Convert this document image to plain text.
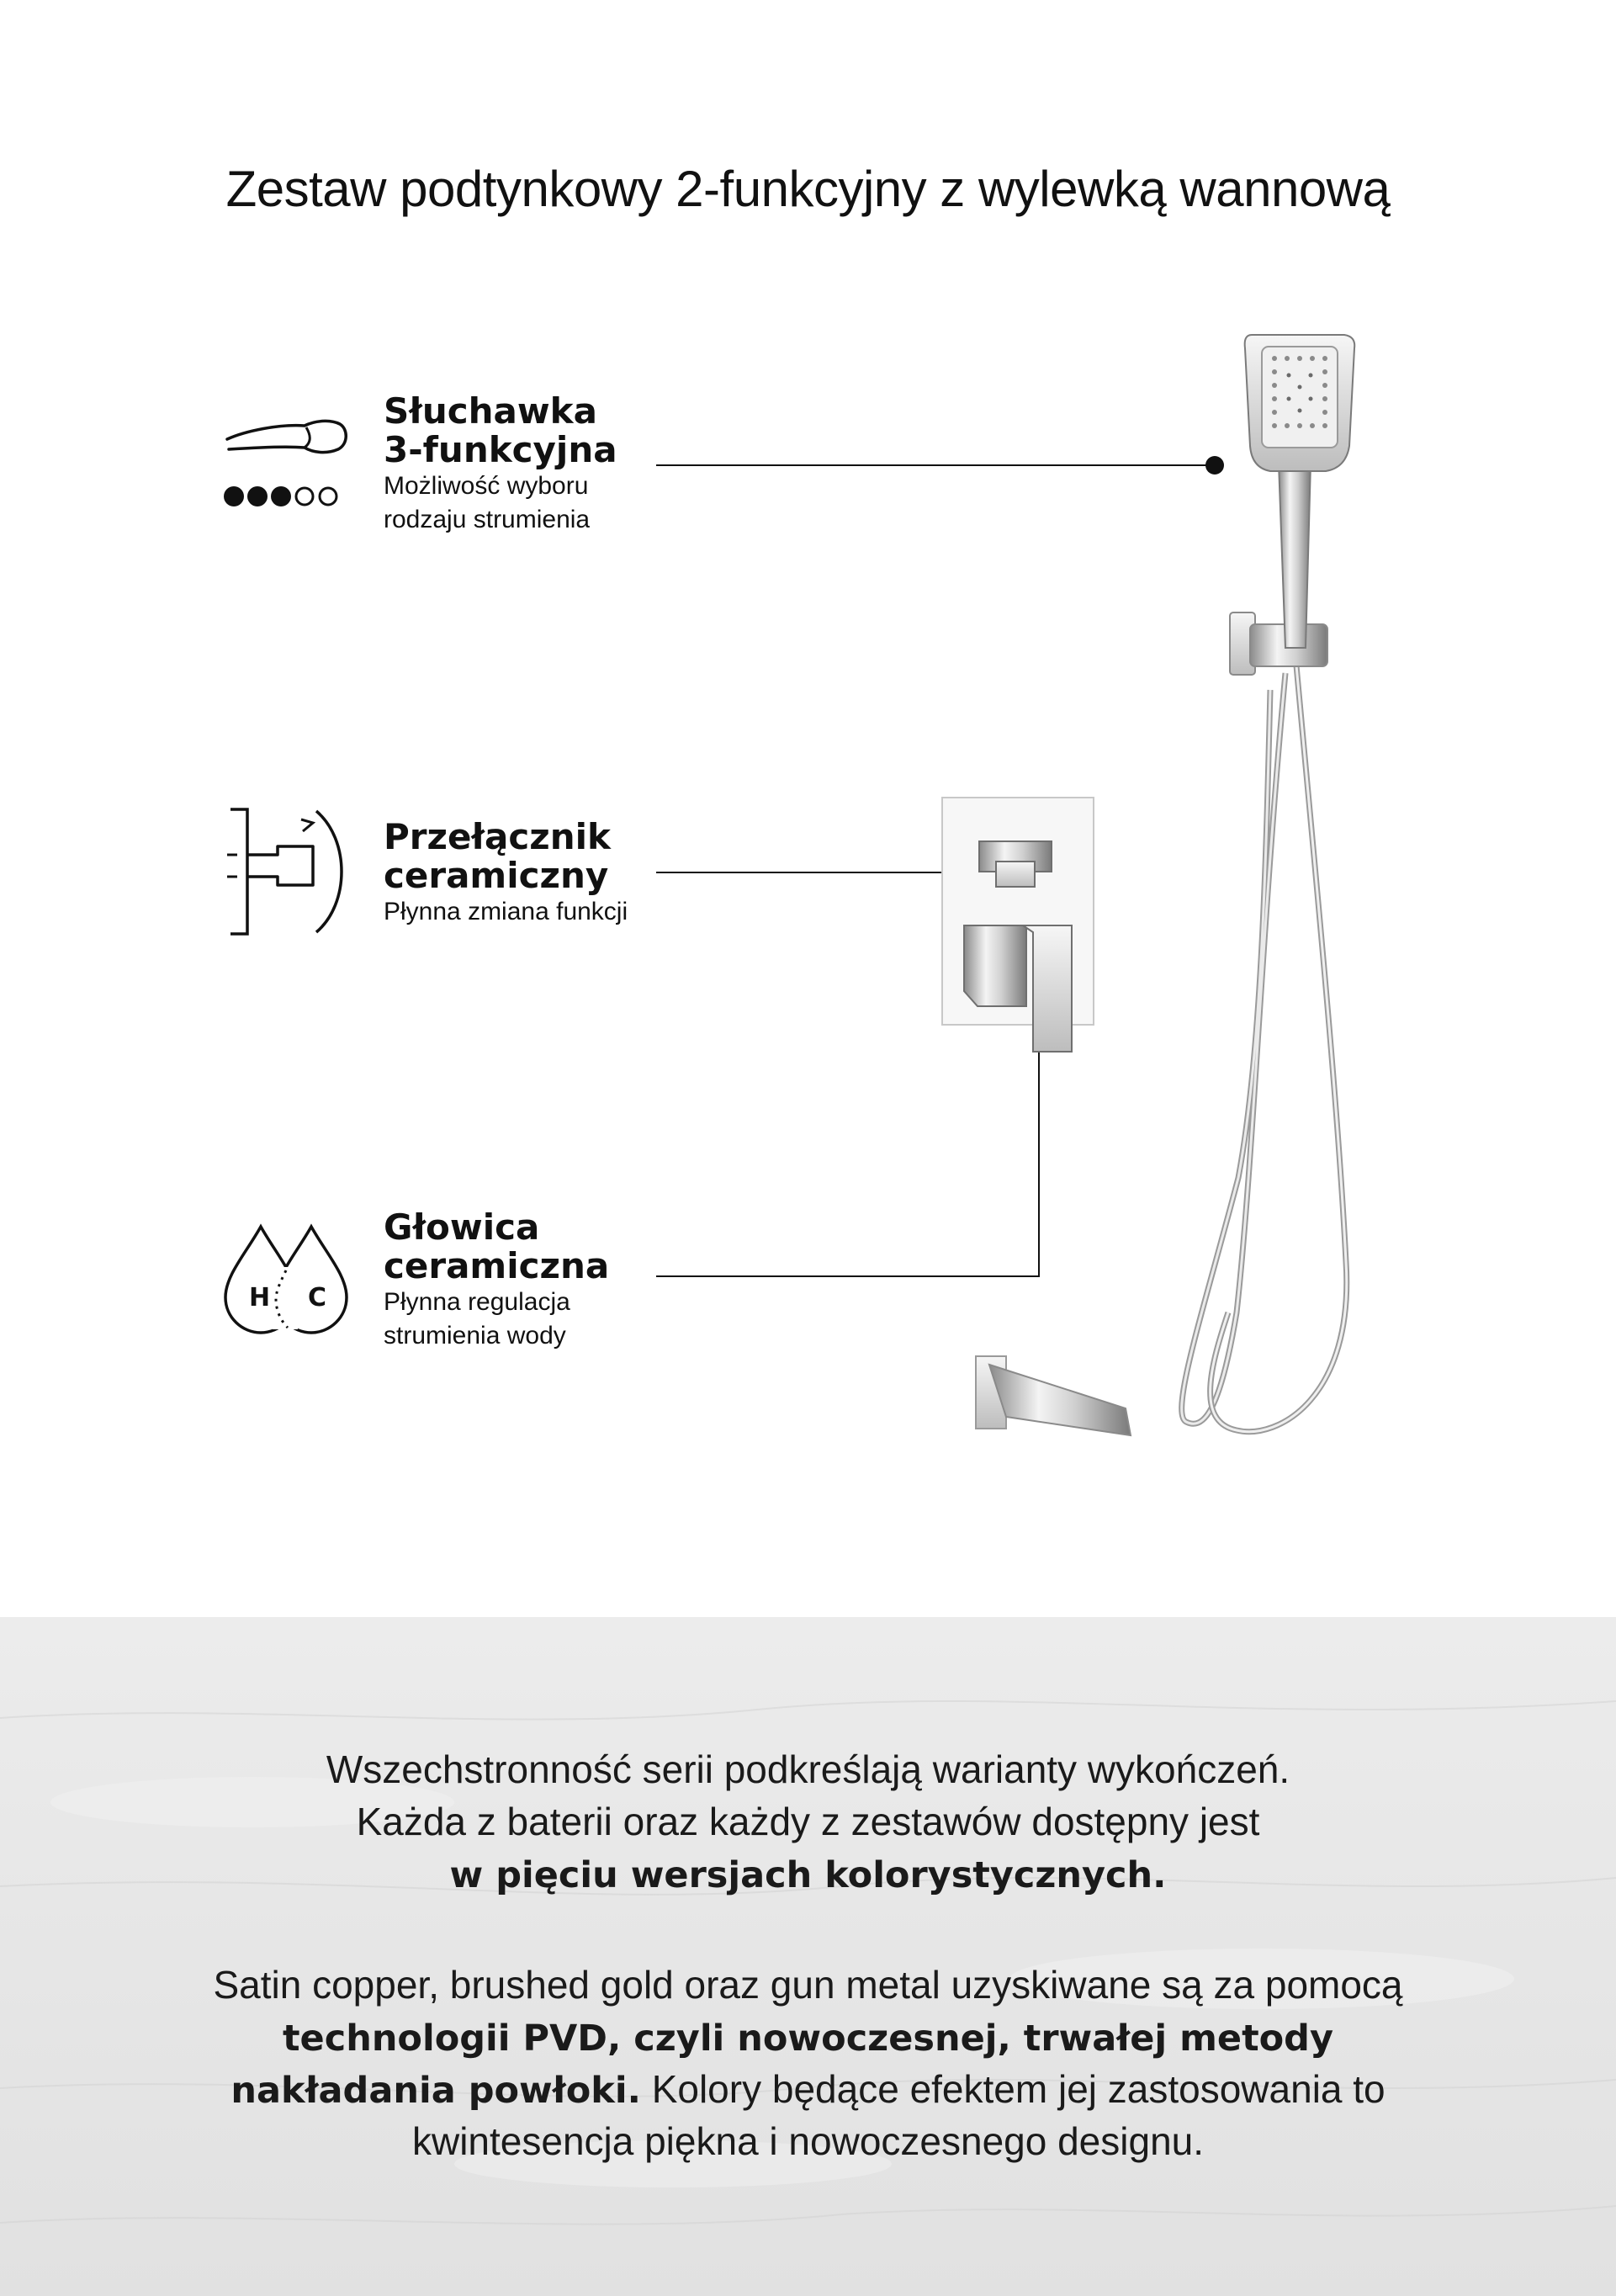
Zestaw podtynkowy 2-funkcyjny z wylewką wannową
Słuchawka
3-funkcyjna
Możliwość wyboru
rodzaju strumienia
Przełącznik
ceramiczny
Płynna zmiana funkcji
H C
Głowica
ceramiczna
Płynna regulacja
strumienia wody
Wszechstronność serii podkreślają warianty wykończeń.
Każda z baterii oraz każdy z zestawów dostępny jest
w pięciu wersjach kolorystycznych.
Satin copper, brushed gold oraz gun metal uzyskiwane są za pomocą
technologii PVD, czyli nowoczesnej, trwałej metody
nakładania powłoki. Kolory będące efektem jej zastosowania to
kwintesencja piękna i nowoczesnego designu.
